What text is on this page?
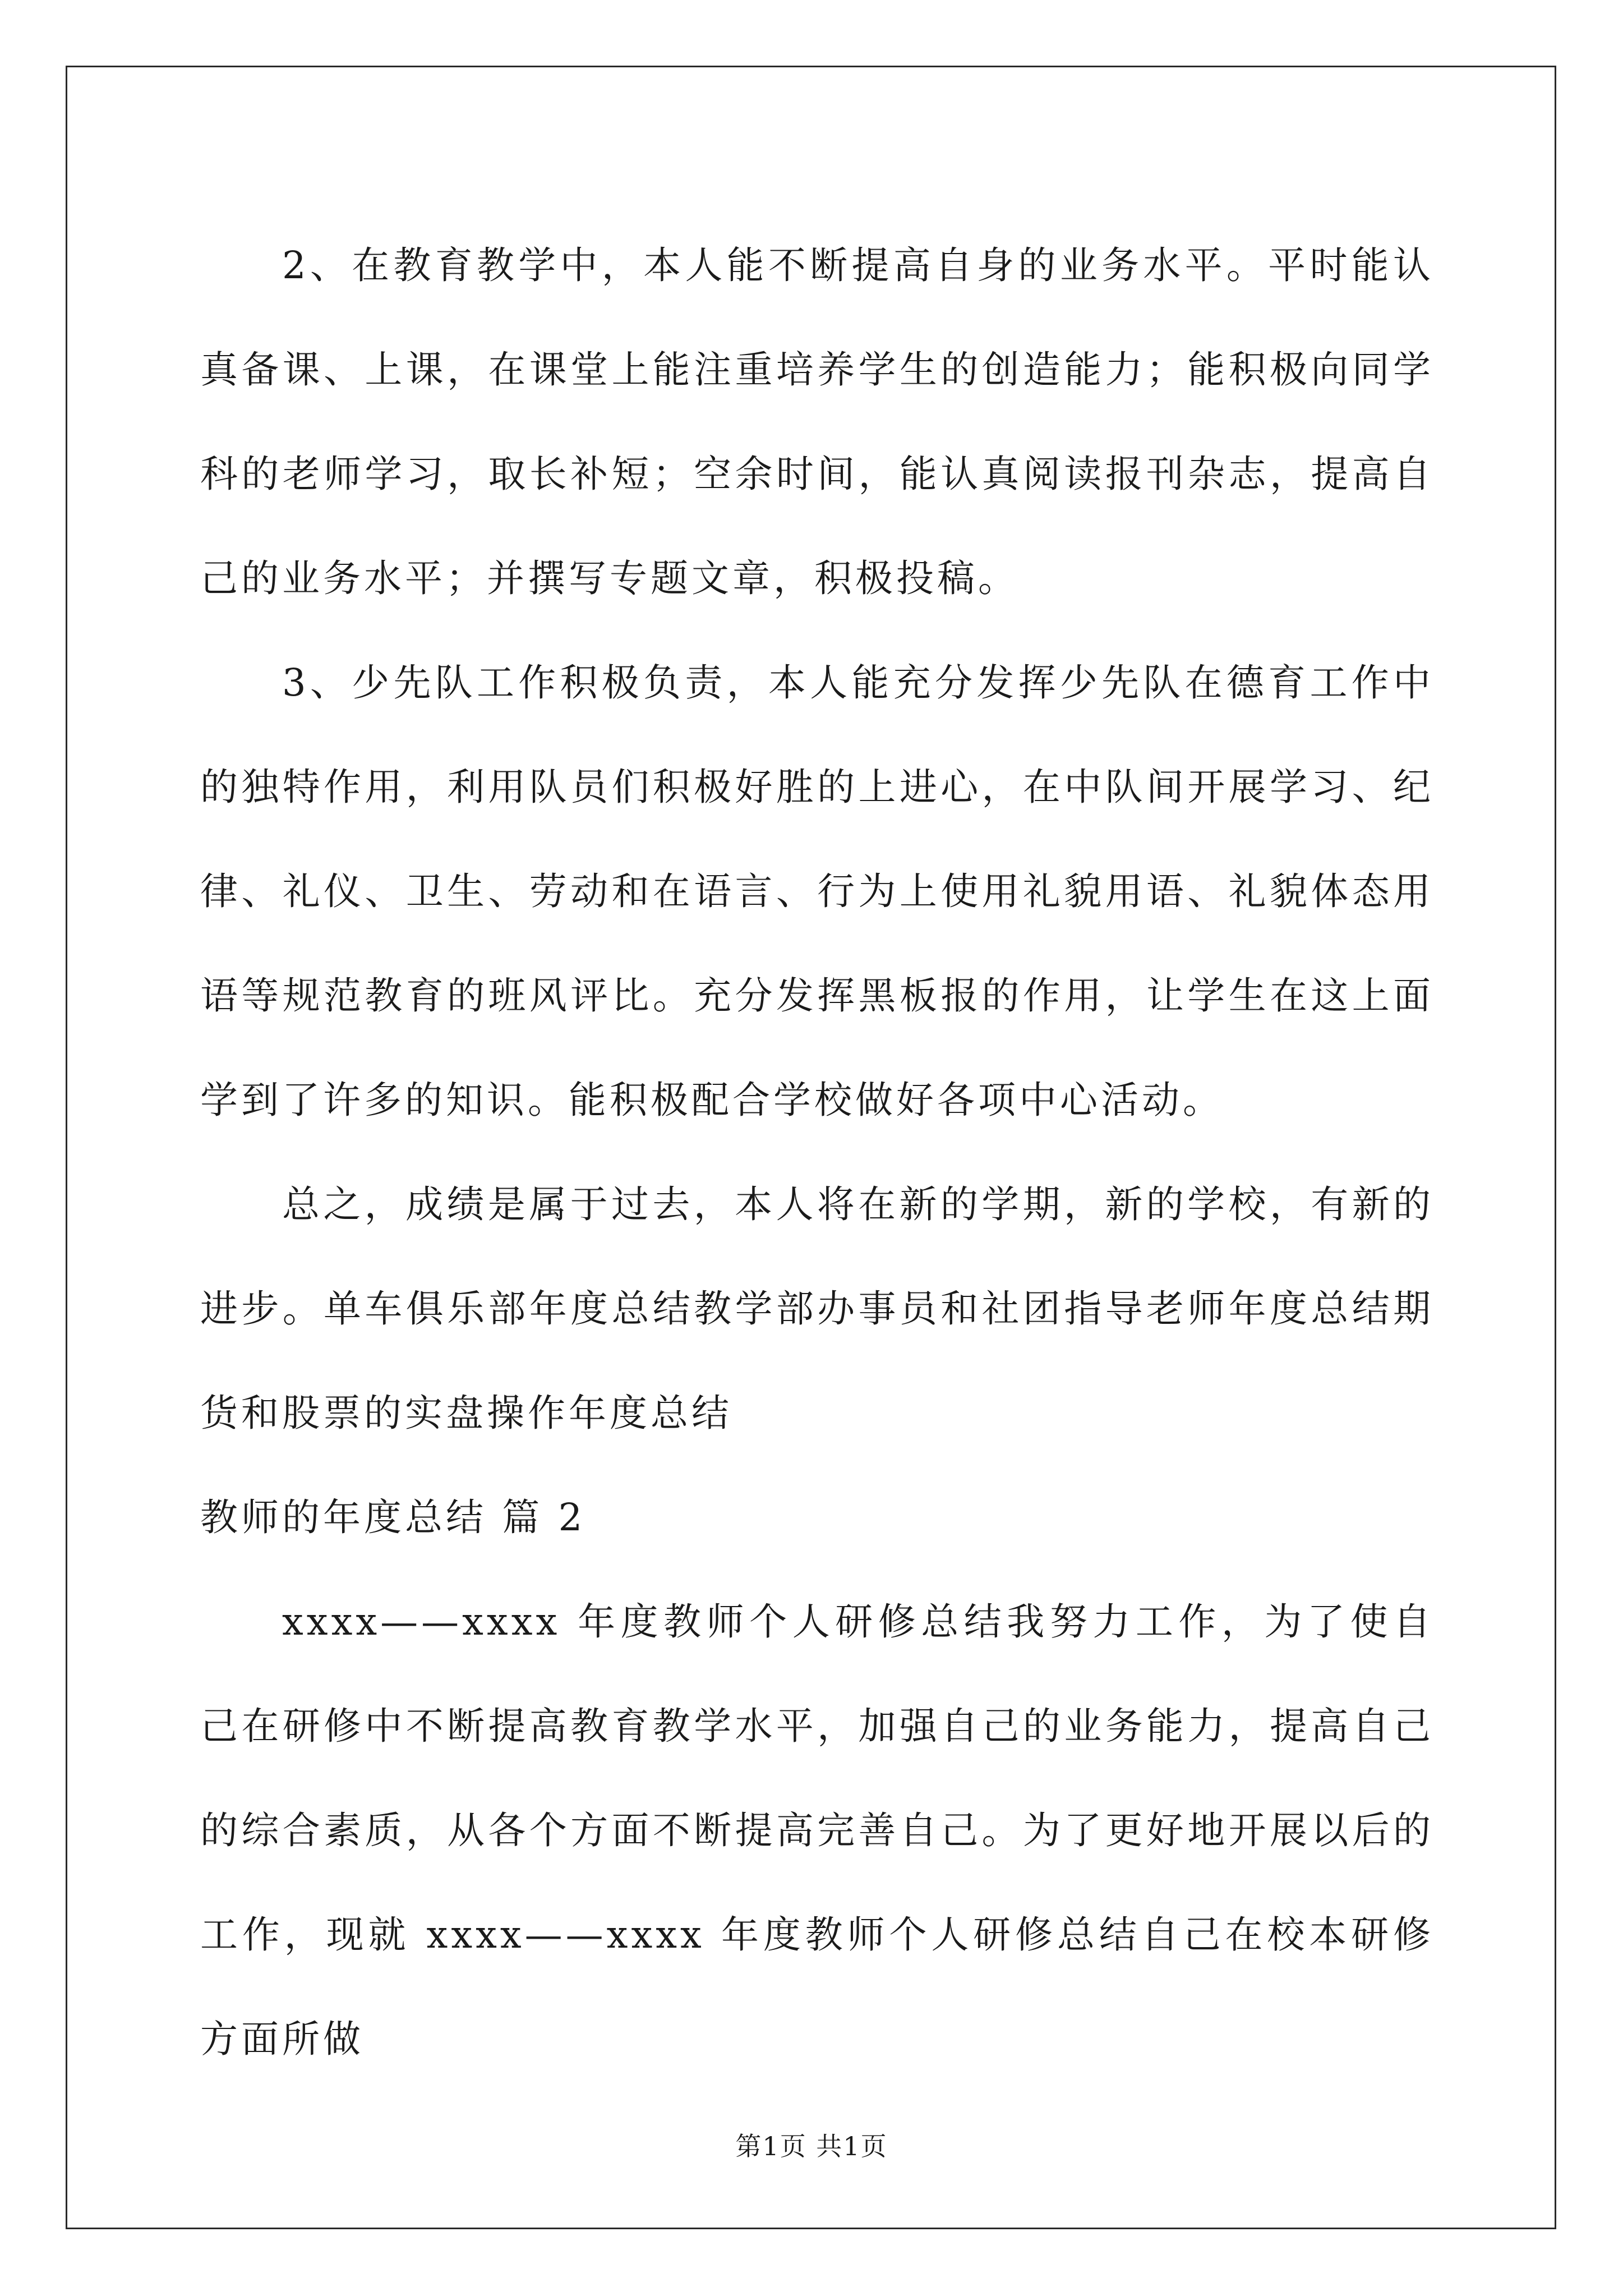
2、在教育教学中，本人能不断提高自身的业务水平。平时能认真备课、上课，在课堂上能注重培养学生的创造能力；能积极向同学科的老师学习，取长补短；空余时间，能认真阅读报刊杂志，提高自己的业务水平；并撰写专题文章，积极投稿。

3、少先队工作积极负责，本人能充分发挥少先队在德育工作中的独特作用，利用队员们积极好胜的上进心，在中队间开展学习、纪律、礼仪、卫生、劳动和在语言、行为上使用礼貌用语、礼貌体态用语等规范教育的班风评比。充分发挥黑板报的作用，让学生在这上面学到了许多的知识。能积极配合学校做好各项中心活动。

总之，成绩是属于过去，本人将在新的学期，新的学校，有新的进步。单车俱乐部年度总结教学部办事员和社团指导老师年度总结期货和股票的实盘操作年度总结

教师的年度总结 篇 2

xxxx——xxxx 年度教师个人研修总结我努力工作，为了使自己在研修中不断提高教育教学水平，加强自己的业务能力，提高自己的综合素质，从各个方面不断提高完善自己。为了更好地开展以后的工作，现就 xxxx——xxxx 年度教师个人研修总结自己在校本研修方面所做

第1页 共1页
